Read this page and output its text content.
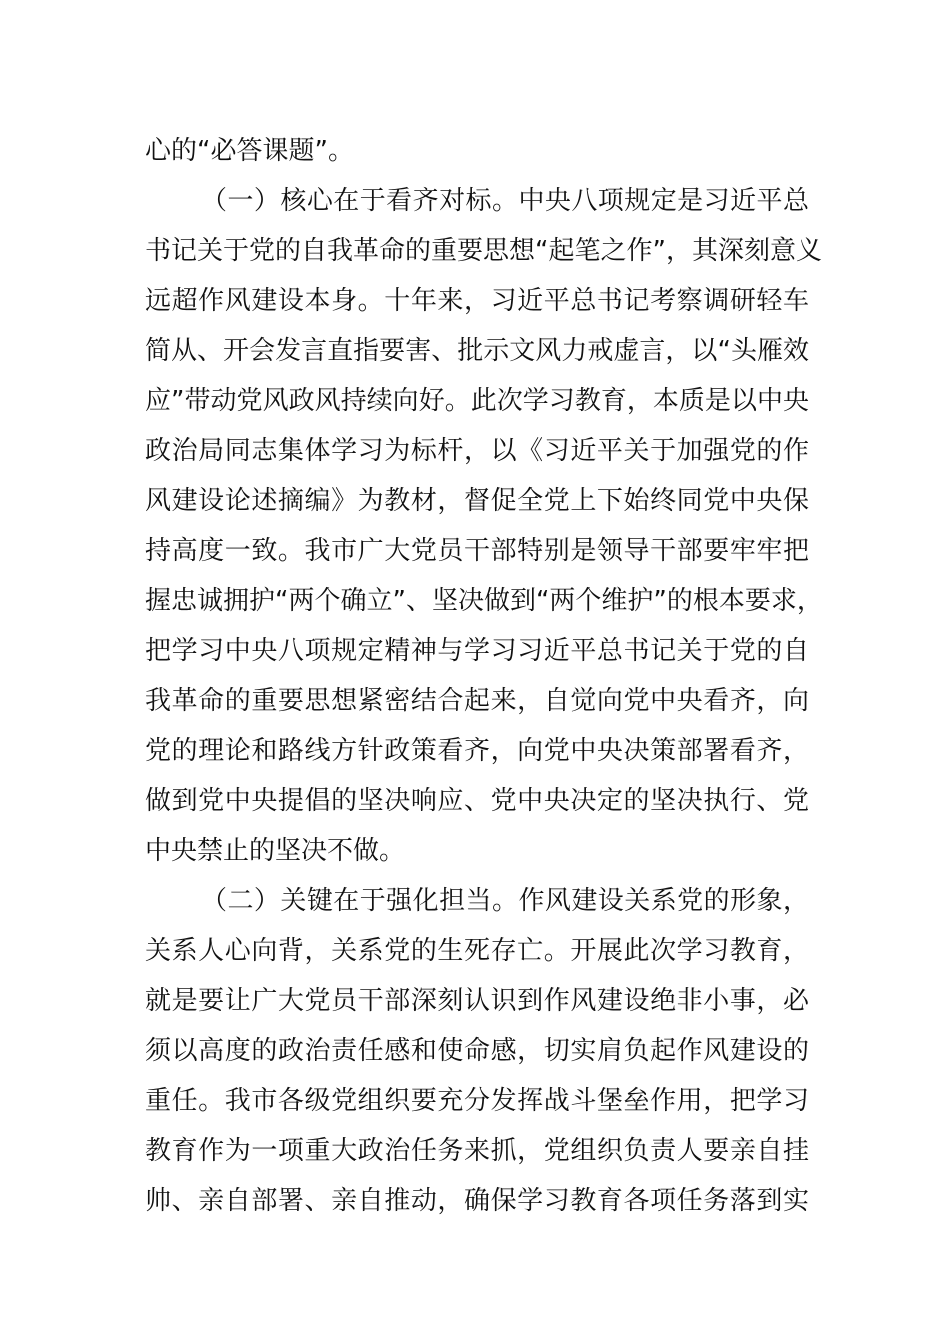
心的“必答课题”。
（一）核心在于看齐对标。中央八项规定是习近平总
书记关于党的自我革命的重要思想“起笔之作”，其深刻意义
远超作风建设本身。十年来，习近平总书记考察调研轻车
简从、开会发言直指要害、批示文风力戒虚言，以“头雁效
应”带动党风政风持续向好。此次学习教育，本质是以中央
政治局同志集体学习为标杆，以《习近平关于加强党的作
风建设论述摘编》为教材，督促全党上下始终同党中央保
持高度一致。我市广大党员干部特别是领导干部要牢牢把
握忠诚拥护“两个确立”、坚决做到“两个维护”的根本要求，
把学习中央八项规定精神与学习习近平总书记关于党的自
我革命的重要思想紧密结合起来，自觉向党中央看齐，向
党的理论和路线方针政策看齐，向党中央决策部署看齐，
做到党中央提倡的坚决响应、党中央决定的坚决执行、党
中央禁止的坚决不做。
（二）关键在于强化担当。作风建设关系党的形象，
关系人心向背，关系党的生死存亡。开展此次学习教育，
就是要让广大党员干部深刻认识到作风建设绝非小事，必
须以高度的政治责任感和使命感，切实肩负起作风建设的
重任。我市各级党组织要充分发挥战斗堡垒作用，把学习
教育作为一项重大政治任务来抓，党组织负责人要亲自挂
帅、亲自部署、亲自推动，确保学习教育各项任务落到实
